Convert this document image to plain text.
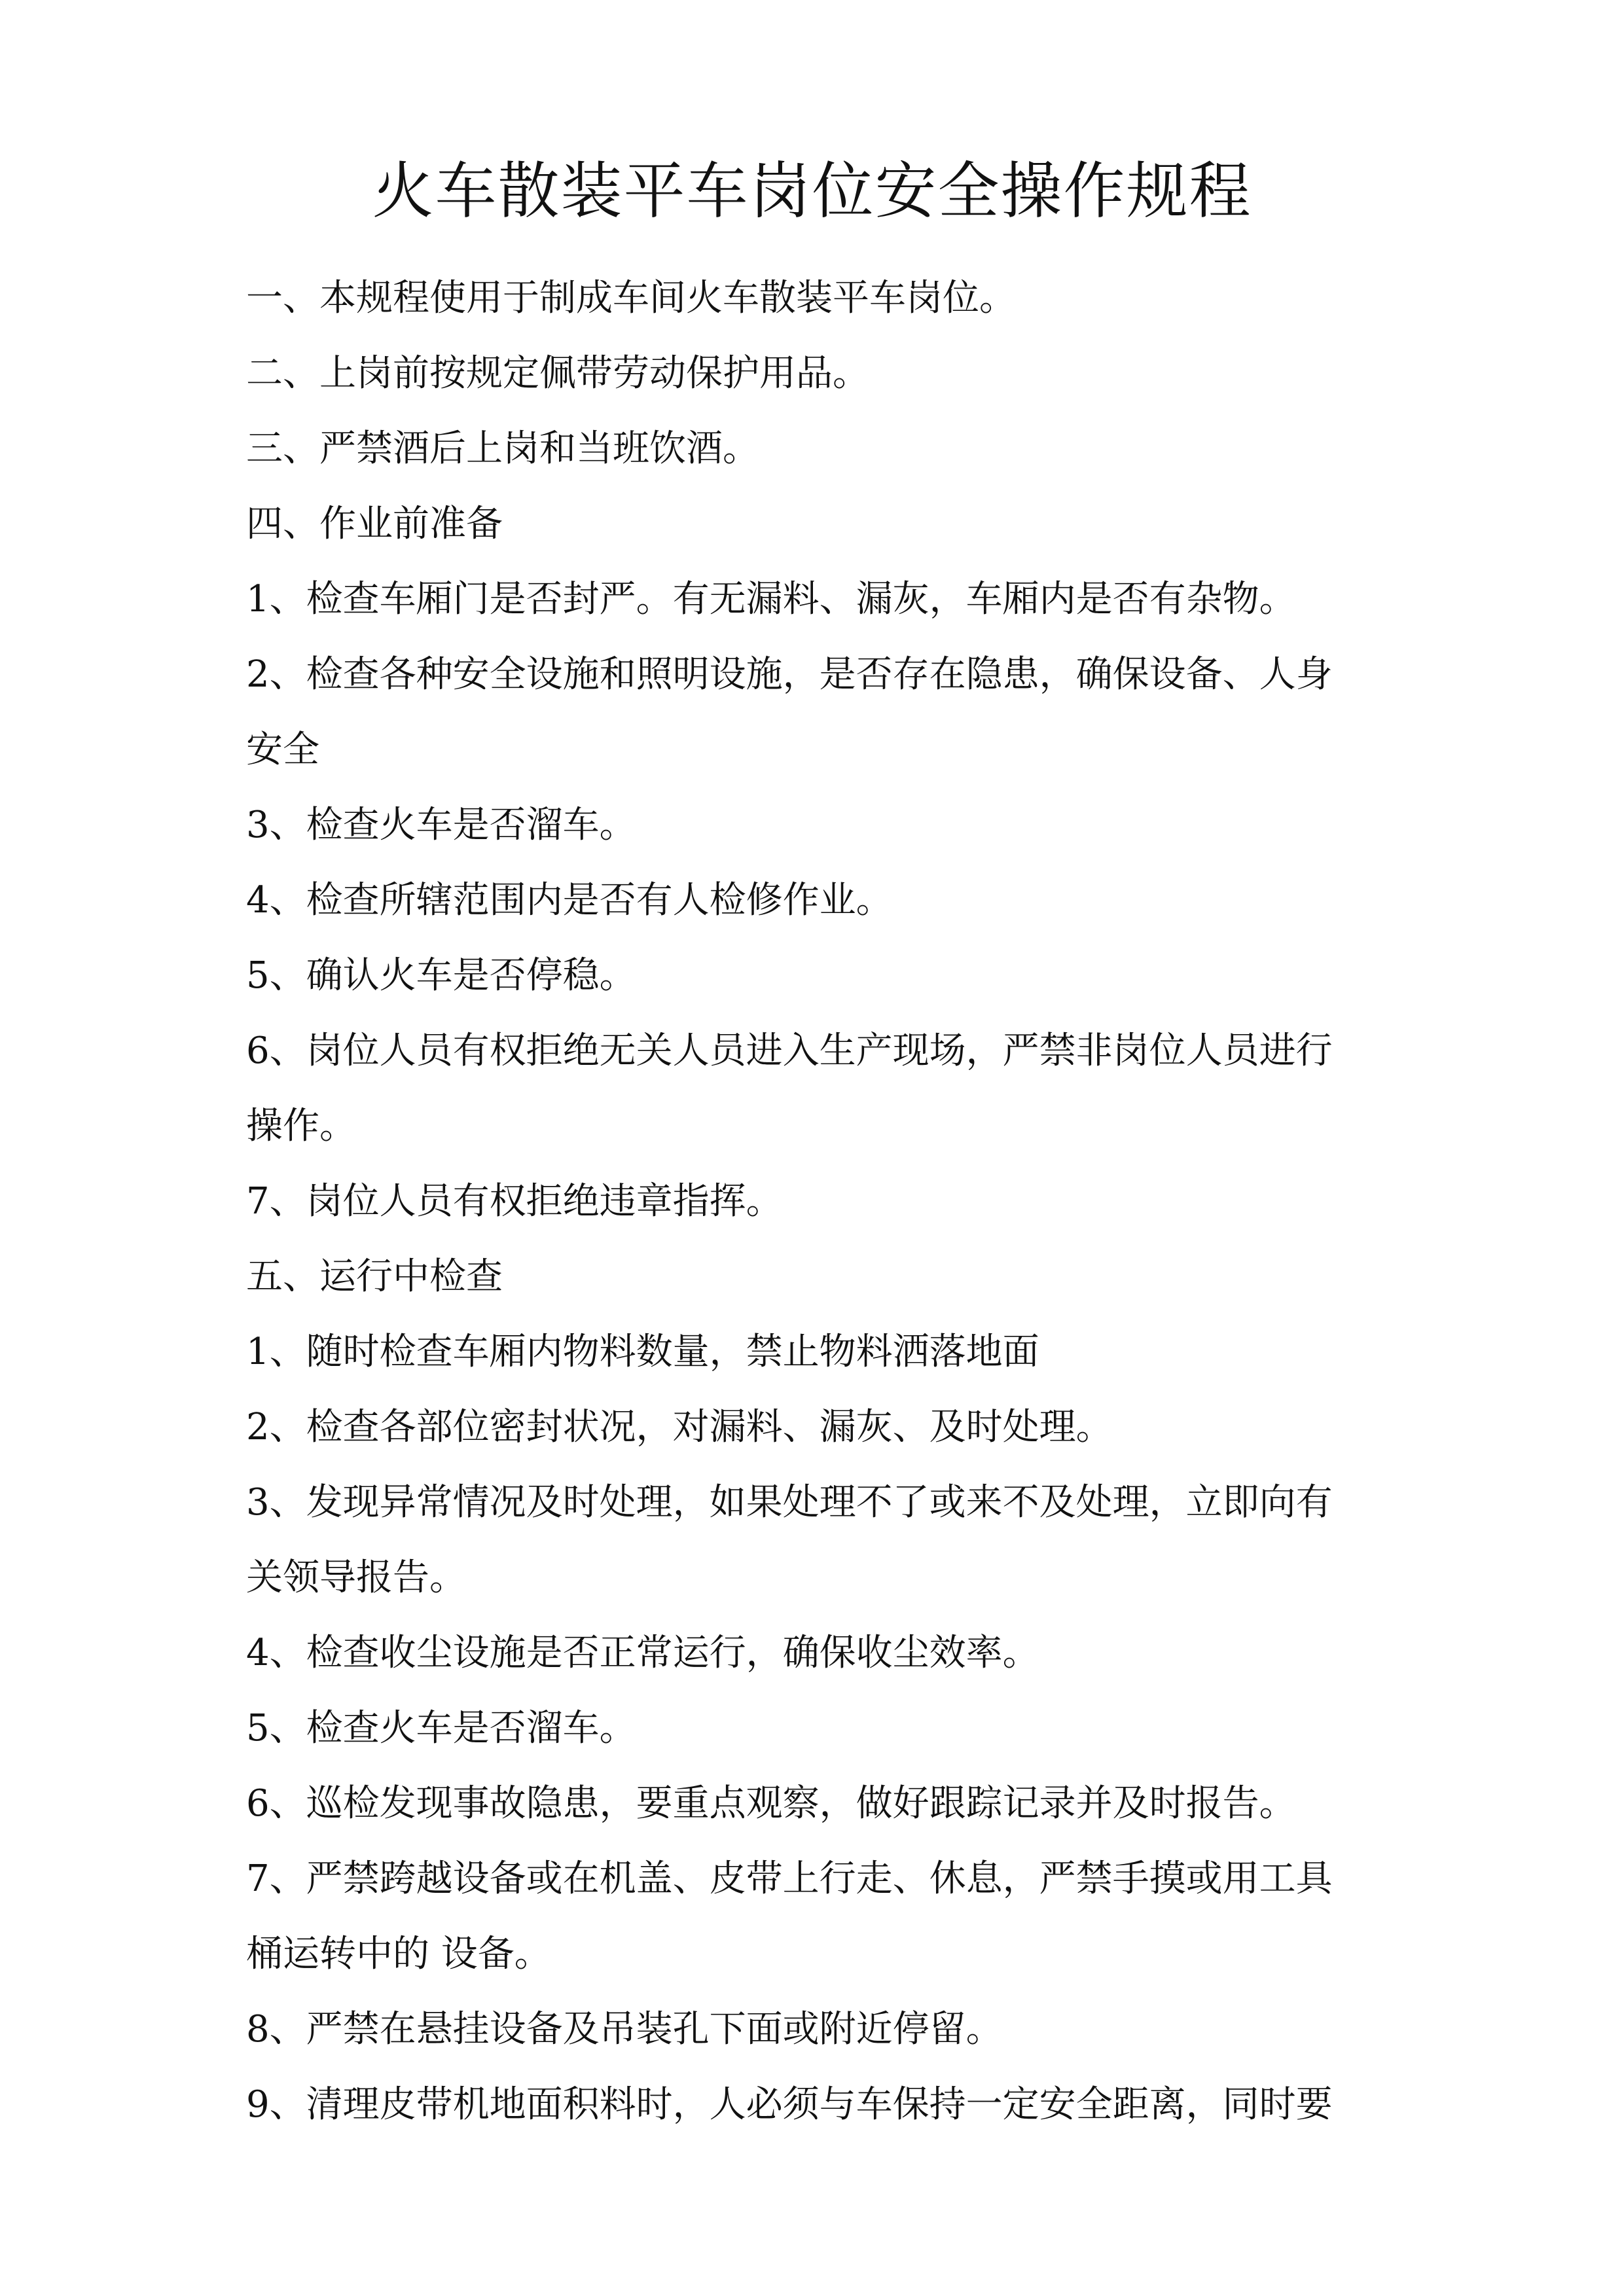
火车散装平车岗位安全操作规程

一、本规程使用于制成车间火车散装平车岗位。

二、上岗前按规定佩带劳动保护用品。

三、严禁酒后上岗和当班饮酒。

四、作业前准备

1、检查车厢门是否封严。有无漏料、漏灰，车厢内是否有杂物。

2、检查各种安全设施和照明设施，是否存在隐患，确保设备、人身

安全

3、检查火车是否溜车。

4、检查所辖范围内是否有人检修作业。

5、确认火车是否停稳。

6、岗位人员有权拒绝无关人员进入生产现场，严禁非岗位人员进行

操作。

7、岗位人员有权拒绝违章指挥。

五、运行中检查

1、随时检查车厢内物料数量，禁止物料洒落地面

2、检查各部位密封状况，对漏料、漏灰、及时处理。

3、发现异常情况及时处理，如果处理不了或来不及处理，立即向有

关领导报告。

4、检查收尘设施是否正常运行，确保收尘效率。

5、检查火车是否溜车。

6、巡检发现事故隐患，要重点观察，做好跟踪记录并及时报告。

7、严禁跨越设备或在机盖、皮带上行走、休息，严禁手摸或用工具

桶运转中的 设备。

8、严禁在悬挂设备及吊装孔下面或附近停留。

9、清理皮带机地面积料时，人必须与车保持一定安全距离，同时要
